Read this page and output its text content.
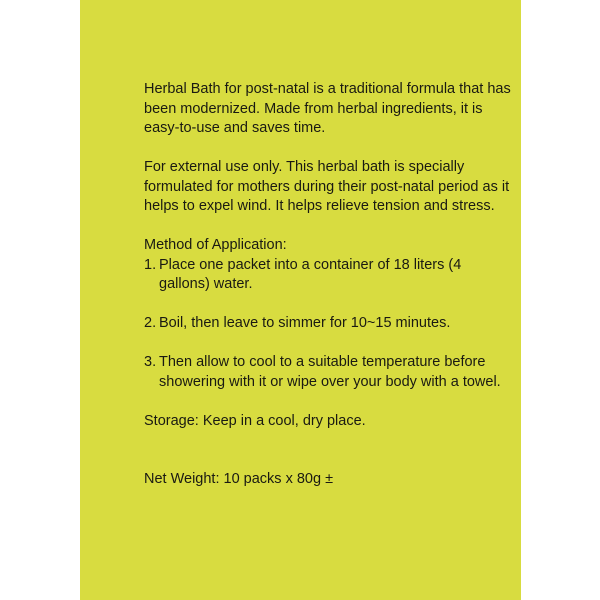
Herbal Bath for post-natal is a traditional formula that has been modernized. Made from herbal ingredients, it is easy-to-use and saves time.

For external use only. This herbal bath is specially formulated for mothers during their post-natal period as it helps to expel wind. It helps relieve tension and stress.

Method of Application:

1. Place one packet into a container of 18 liters (4 gallons) water.
2. Boil, then leave to simmer for 10~15 minutes.
3. Then allow to cool to a suitable temperature before showering with it or wipe over your body with a towel.

Storage: Keep in a cool, dry place.

Net Weight: 10 packs x 80g ±
